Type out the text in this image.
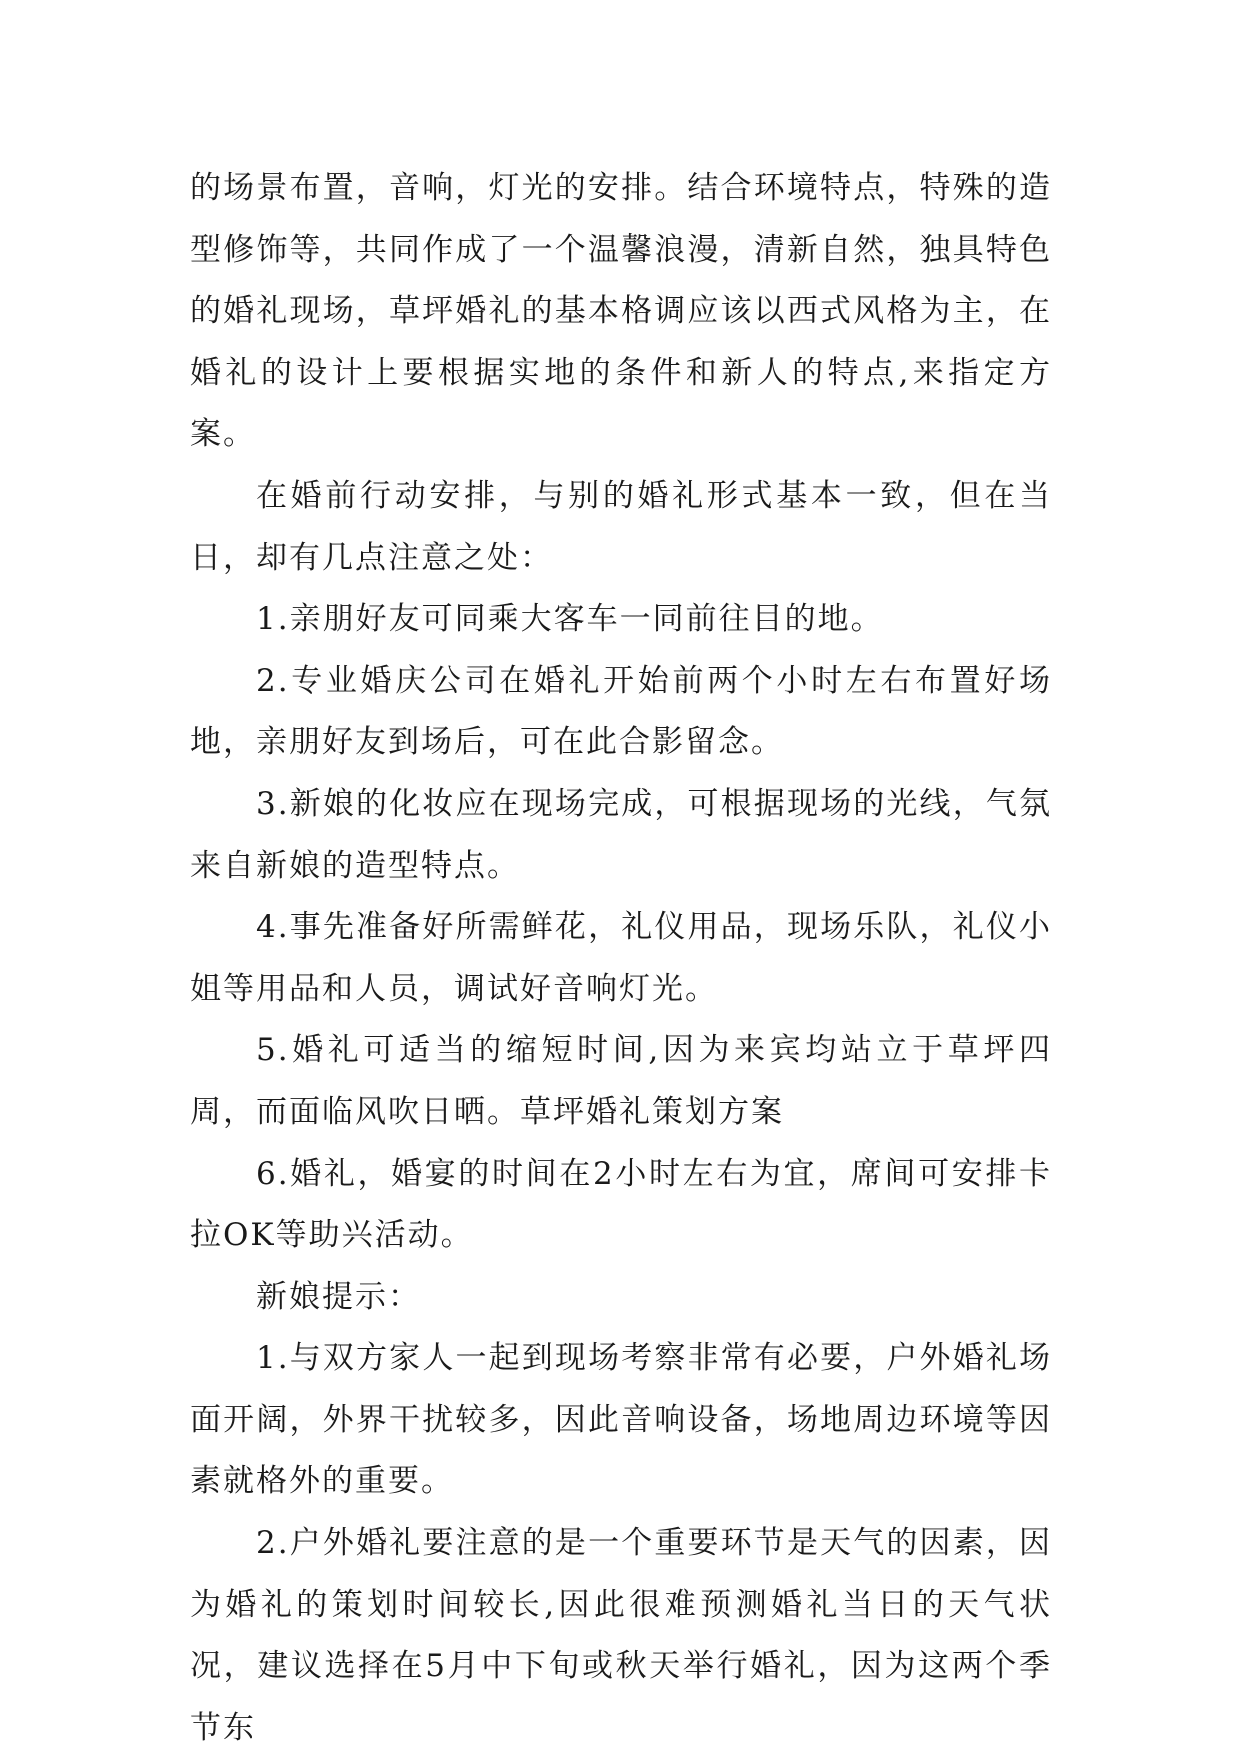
的场景布置，音响，灯光的安排。结合环境特点，特殊的造型修饰等，共同作成了一个温馨浪漫，清新自然，独具特色的婚礼现场，草坪婚礼的基本格调应该以西式风格为主，在婚礼的设计上要根据实地的条件和新人的特点,来指定方案。

在婚前行动安排，与别的婚礼形式基本一致，但在当日，却有几点注意之处：

1.亲朋好友可同乘大客车一同前往目的地。

2.专业婚庆公司在婚礼开始前两个小时左右布置好场地，亲朋好友到场后，可在此合影留念。

3.新娘的化妆应在现场完成，可根据现场的光线，气氛来自新娘的造型特点。

4.事先准备好所需鲜花，礼仪用品，现场乐队，礼仪小姐等用品和人员，调试好音响灯光。

5.婚礼可适当的缩短时间,因为来宾均站立于草坪四周，而面临风吹日晒。草坪婚礼策划方案

6.婚礼，婚宴的时间在2小时左右为宜，席间可安排卡拉OK等助兴活动。

新娘提示：

1.与双方家人一起到现场考察非常有必要，户外婚礼场面开阔，外界干扰较多，因此音响设备，场地周边环境等因素就格外的重要。

2.户外婚礼要注意的是一个重要环节是天气的因素，因为婚礼的策划时间较长,因此很难预测婚礼当日的天气状况，建议选择在5月中下旬或秋天举行婚礼，因为这两个季节东
